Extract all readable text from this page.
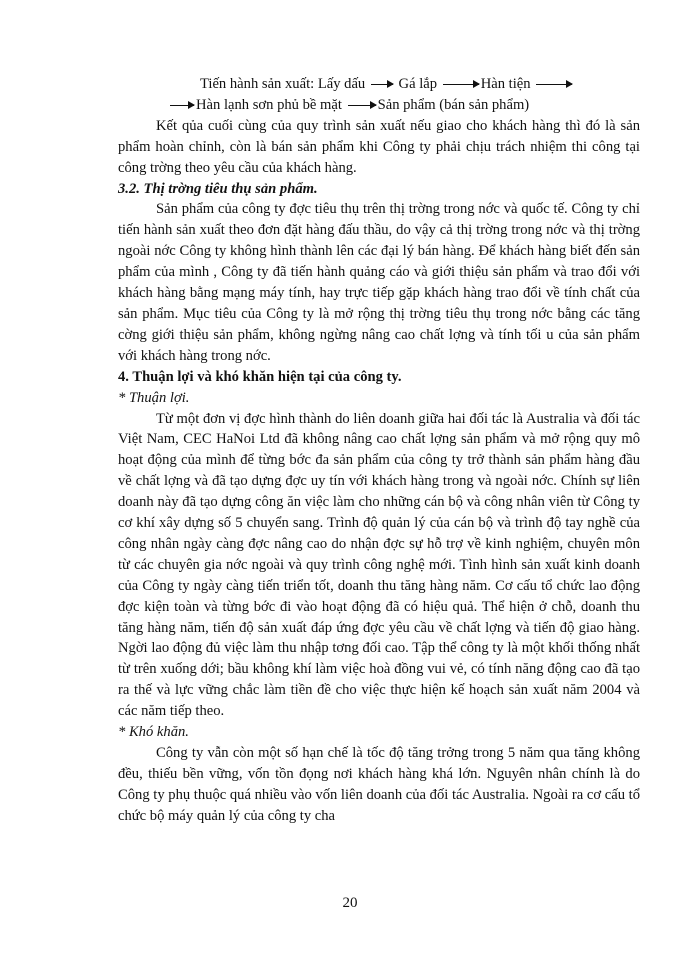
Tiến hành sản xuất: Lấy dấu Gá lắp	Hàn tiện
Hàn lạnh sơn phủ bề mặt Sản phẩm (bán sản phẩm)

Kết qủa cuối cùng của quy trình sản xuất nếu giao cho khách hàng thì đó là sản phẩm hoàn chỉnh, còn là bán sản phẩm khi Công ty phải chịu trách nhiệm thi công tại công trờng theo yêu cầu của khách hàng.

3.2. Thị trờng tiêu thụ sản phẩm.

Sản phẩm của công ty đợc tiêu thụ trên thị trờng trong nớc và quốc tế. Công ty chỉ tiến hành sản xuất theo đơn đặt hàng đấu thầu, do vậy cả thị trờng trong nớc và thị trờng ngoài nớc Công ty không hình thành lên các đại lý bán hàng. Để khách hàng biết đến sản phẩm của mình , Công ty đã tiến hành quảng cáo và giới thiệu sản phẩm và trao đổi với khách hàng bằng mạng máy tính, hay trực tiếp gặp khách hàng trao đổi về tính chất của sản phẩm. Mục tiêu của Công ty là mở rộng thị trờng tiêu thụ trong nớc bằng các tăng cờng giới thiệu sản phẩm, không ngừng nâng cao chất lợng và tính tối u của sản phẩm với khách hàng trong nớc.

4. Thuận lợi và khó khăn hiện tại của công ty.
* Thuận lợi.

Từ một đơn vị đợc hình thành do liên doanh giữa hai đối tác là Australia và đối tác Việt Nam, CEC HaNoi Ltd đã không nâng cao chất lợng sản phẩm và mở rộng quy mô hoạt động của mình để từng bớc đa sản phẩm của công ty trở thành sản phẩm hàng đầu về chất lợng và đã tạo dựng đợc uy tín với khách hàng trong và ngoài nớc. Chính sự liên doanh này đã tạo dựng công ăn việc làm cho những cán bộ và công nhân viên từ Công ty cơ khí xây dựng số 5 chuyển sang. Trình độ quản lý của cán bộ và trình độ tay nghề của công nhân ngày càng đợc nâng cao do nhận đợc sự hỗ trợ về kinh nghiệm, chuyên môn từ các chuyên gia nớc ngoài và quy trình công nghệ mới. Tình hình sản xuất kinh doanh của Công ty ngày càng tiến triển tốt, doanh thu tăng hàng năm. Cơ cấu tổ chức lao động đợc kiện toàn và từng bớc đi vào hoạt động đã có hiệu quả. Thể hiện ở chỗ, doanh thu tăng hàng năm, tiến độ sản xuất đáp ứng đợc yêu cầu về chất lợng và tiến độ giao hàng. Ngời lao động đủ việc làm thu nhập tơng đối cao. Tập thể công ty là một khối thống nhất từ trên xuống dới; bầu không khí làm việc hoà đồng vui vẻ, có tính năng động cao đã tạo ra thế và lực vững chắc làm tiền đề cho việc thực hiện kế hoạch sản xuất năm 2004 và các năm tiếp theo.

* Khó khăn.

Công ty vẫn còn một số hạn chế là tốc độ tăng trởng trong 5 năm qua tăng không đều, thiếu bền vững, vốn tồn đọng nơi khách hàng khá lớn. Nguyên nhân chính là do Công ty phụ thuộc quá nhiều vào vốn liên doanh của đối tác Australia. Ngoài ra cơ cấu tổ chức bộ máy quản lý của công ty cha

20
